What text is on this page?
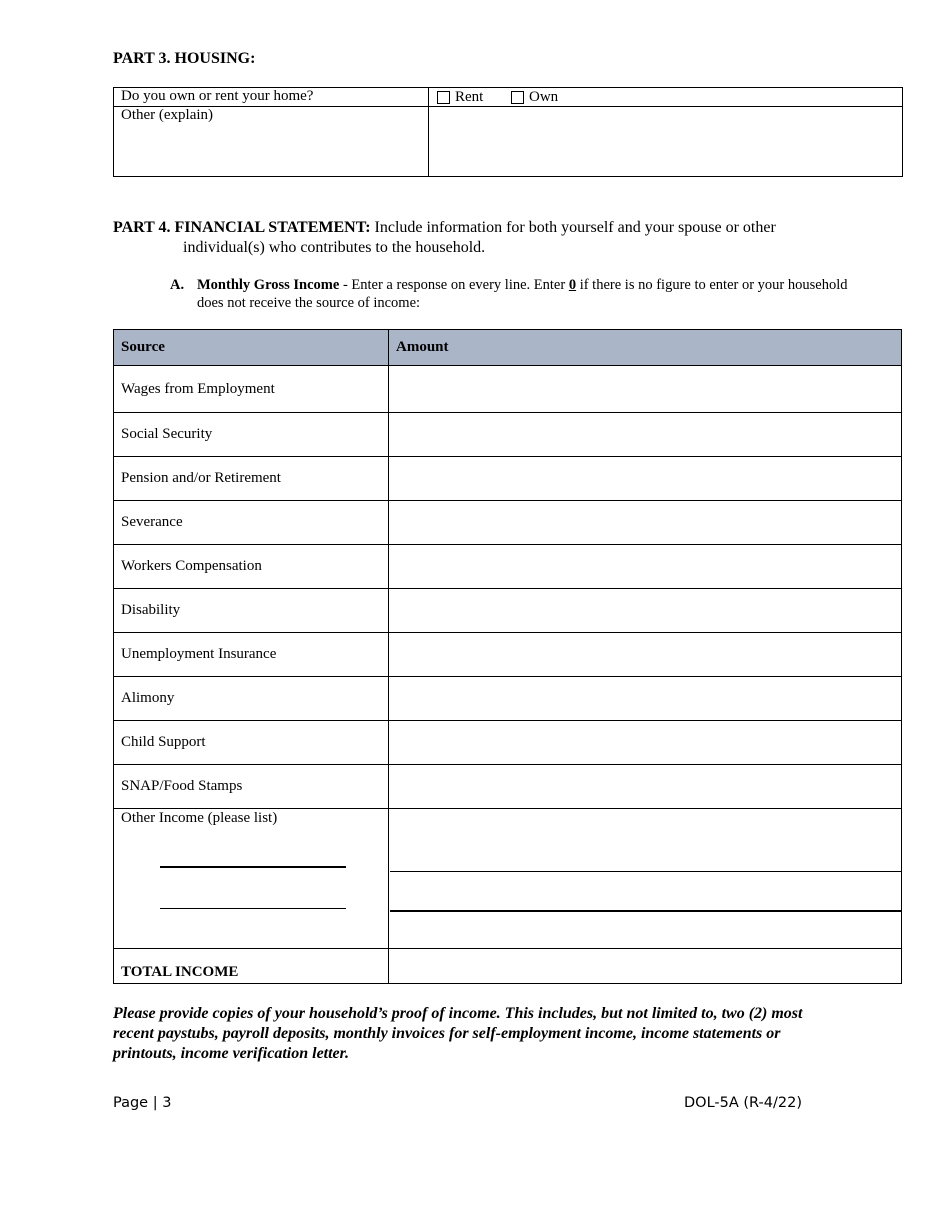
PART 3. HOUSING:
Do you own or rent your home?	Rent	Own
Other (explain)
PART 4. FINANCIAL STATEMENT: Include information for both yourself and your spouse or other
individual(s) who contributes to the household.
A. Monthly Gross Income - Enter a response on every line. Enter 0 if there is no figure to enter or your household does not receive the source of income:
Source	Amount
Wages from Employment	
Social Security	
Pension and/or Retirement	
Severance	
Workers Compensation	
Disability	
Unemployment Insurance	
Alimony	
Child Support	
SNAP/Food Stamps	
Other Income (please list)	
TOTAL INCOME	
Please provide copies of your household’s proof of income. This includes, but not limited to, two (2) most recent paystubs, payroll deposits, monthly invoices for self-employment income, income statements or printouts, income verification letter.
Page | 3	DOL-5A (R-4/22)
